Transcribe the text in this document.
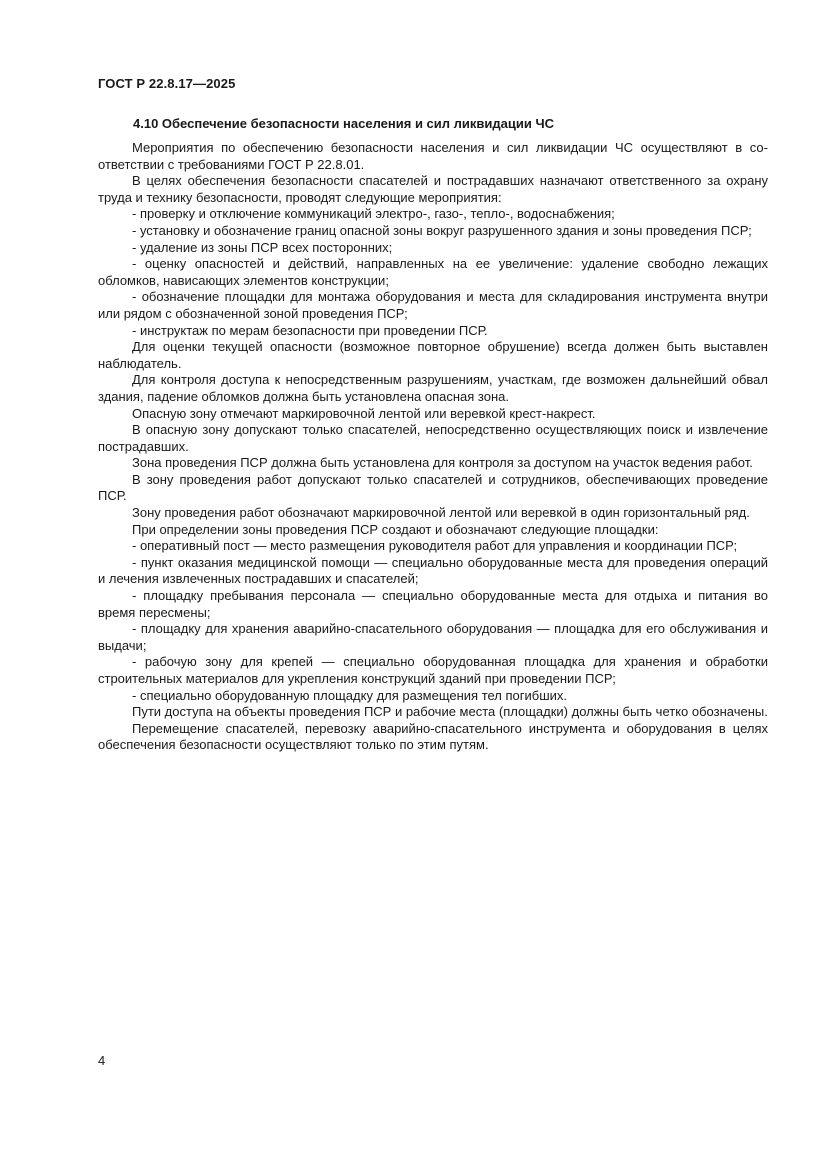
ГОСТ Р 22.8.17—2025
4.10 Обеспечение безопасности населения и сил ликвидации ЧС

Мероприятия по обеспечению безопасности населения и сил ликвидации ЧС осуществляют в соответствии с требованиями ГОСТ Р 22.8.01.

В целях обеспечения безопасности спасателей и пострадавших назначают ответственного за охрану труда и технику безопасности, проводят следующие мероприятия:

- проверку и отключение коммуникаций электро-, газо-, тепло-, водоснабжения;

- установку и обозначение границ опасной зоны вокруг разрушенного здания и зоны проведения ПСР;

- удаление из зоны ПСР всех посторонних;

- оценку опасностей и действий, направленных на ее увеличение: удаление свободно лежащих обломков, нависающих элементов конструкции;

- обозначение площадки для монтажа оборудования и места для складирования инструмента внутри или рядом с обозначенной зоной проведения ПСР;

- инструктаж по мерам безопасности при проведении ПСР.

Для оценки текущей опасности (возможное повторное обрушение) всегда должен быть выставлен наблюдатель.

Для контроля доступа к непосредственным разрушениям, участкам, где возможен дальнейший обвал здания, падение обломков должна быть установлена опасная зона.

Опасную зону отмечают маркировочной лентой или веревкой крест-накрест.

В опасную зону допускают только спасателей, непосредственно осуществляющих поиск и извлечение пострадавших.

Зона проведения ПСР должна быть установлена для контроля за доступом на участок ведения работ.

В зону проведения работ допускают только спасателей и сотрудников, обеспечивающих проведение ПСР.

Зону проведения работ обозначают маркировочной лентой или веревкой в один горизонтальный ряд.

При определении зоны проведения ПСР создают и обозначают следующие площадки:

- оперативный пост — место размещения руководителя работ для управления и координации ПСР;

- пункт оказания медицинской помощи — специально оборудованные места для проведения операций и лечения извлеченных пострадавших и спасателей;

- площадку пребывания персонала — специально оборудованные места для отдыха и питания во время пересмены;

- площадку для хранения аварийно-спасательного оборудования — площадка для его обслуживания и выдачи;

- рабочую зону для крепей — специально оборудованная площадка для хранения и обработки строительных материалов для укрепления конструкций зданий при проведении ПСР;

- специально оборудованную площадку для размещения тел погибших.

Пути доступа на объекты проведения ПСР и рабочие места (площадки) должны быть четко обозначены.

Перемещение спасателей, перевозку аварийно-спасательного инструмента и оборудования в целях обеспечения безопасности осуществляют только по этим путям.

4
